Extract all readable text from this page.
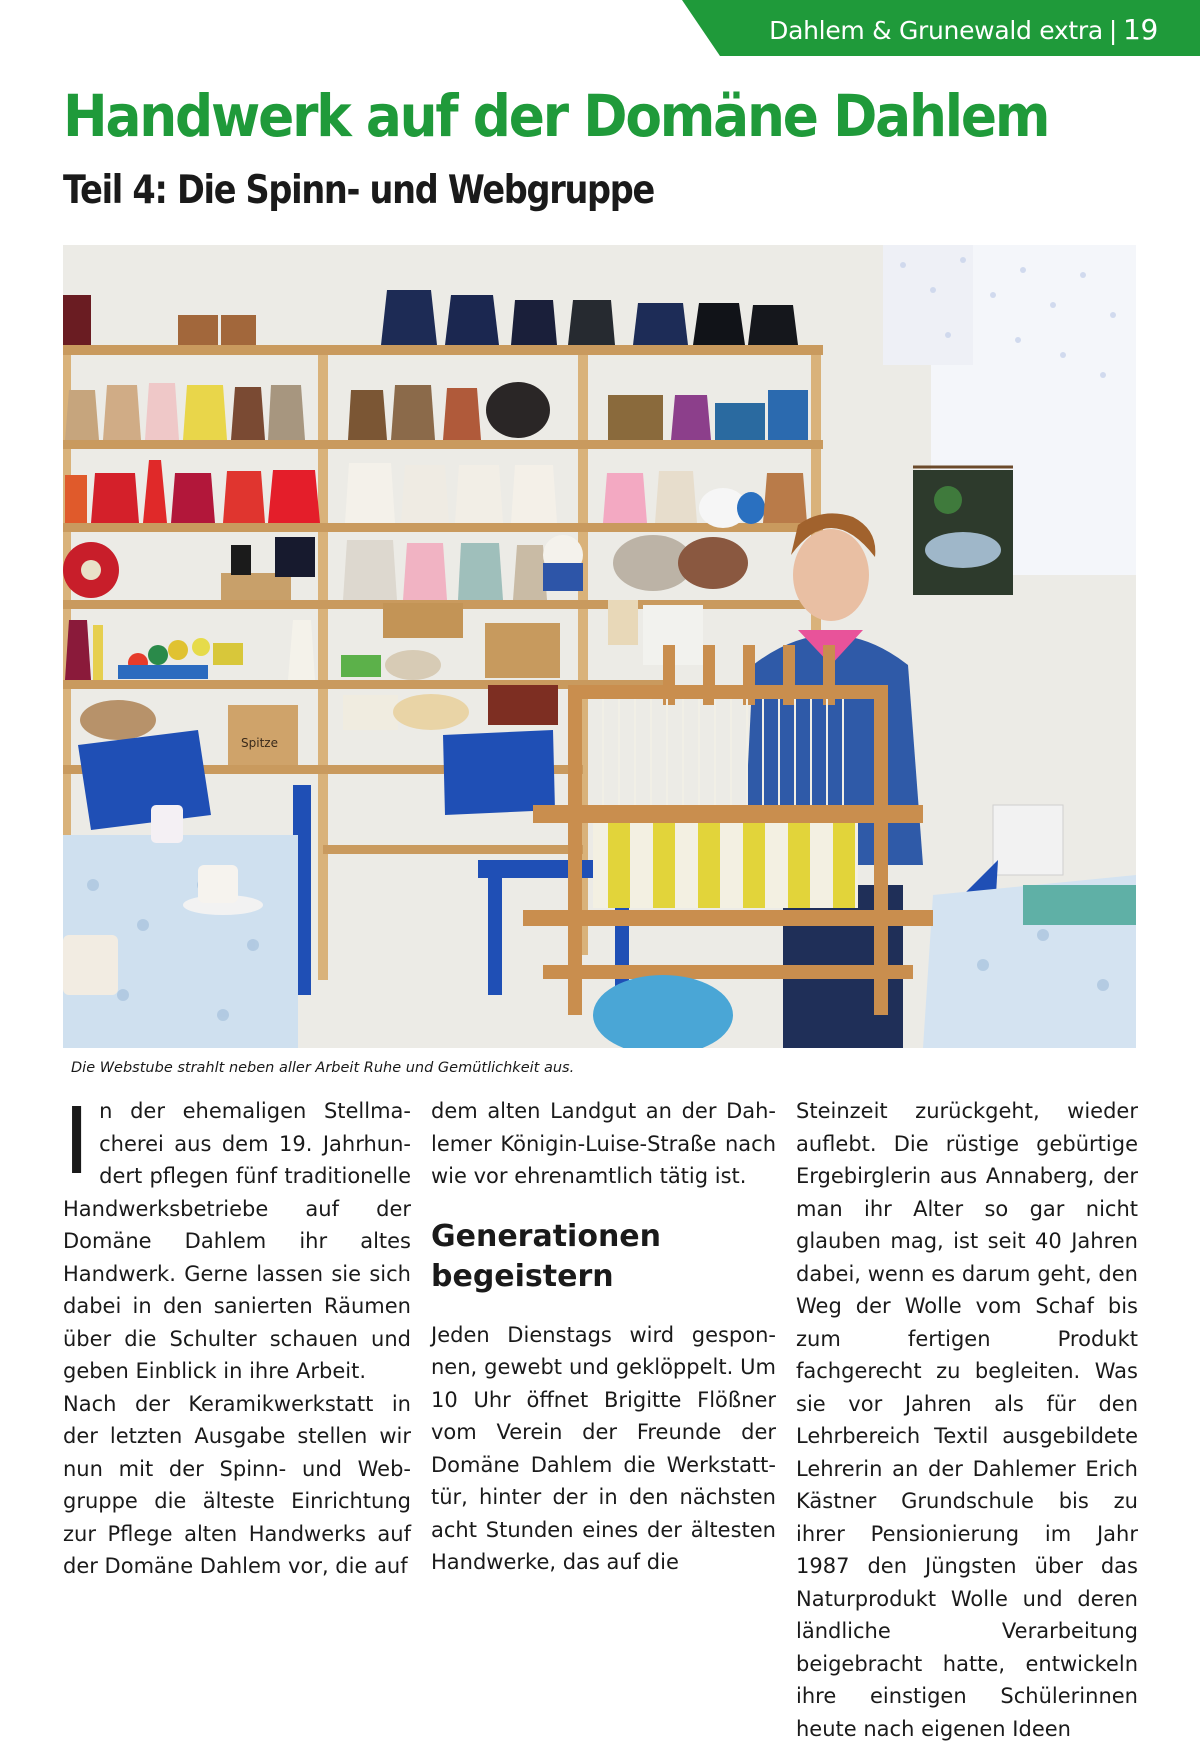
Dahlem & Grunewald extra | 19
Handwerk auf der Domäne Dahlem
Teil 4: Die Spinn- und Webgruppe
Spitze

Die Webstube strahlt neben aller Arbeit Ruhe und Gemütlichkeit aus.

In der ehemaligen Stellmacherei aus dem 19. Jahrhundert pflegen fünf traditionelle Handwerksbetriebe auf der Domäne Dahlem ihr altes Handwerk. Gerne lassen sie sich dabei in den sanierten Räumen über die Schulter schauen und geben Einblick in ihre Arbeit.

Nach der Keramikwerkstatt in der letzten Ausgabe stellen wir nun mit der Spinn- und Webgruppe die älteste Einrichtung zur Pflege alten Handwerks auf der Domäne Dahlem vor, die auf

dem alten Landgut an der Dahlemer Königin-Luise-Straße nach wie vor ehrenamtlich tätig ist.

Generationen begeistern

Jeden Dienstags wird gesponnen, gewebt und geklöppelt. Um 10 Uhr öffnet Brigitte Flößner vom Verein der Freunde der Domäne Dahlem die Werkstatttür, hinter der in den nächsten acht Stunden eines der ältesten Handwerke, das auf die

Steinzeit zurückgeht, wieder auflebt. Die rüstige gebürtige Ergebirglerin aus Annaberg, der man ihr Alter so gar nicht glauben mag, ist seit 40 Jahren dabei, wenn es darum geht, den Weg der Wolle vom Schaf bis zum fertigen Produkt fachgerecht zu begleiten. Was sie vor Jahren als für den Lehrbereich Textil ausgebildete Lehrerin an der Dahlemer Erich Kästner Grundschule bis zu ihrer Pensionierung im Jahr 1987 den Jüngsten über das Naturprodukt Wolle und deren ländliche Verarbeitung beigebracht hatte, entwickeln ihre einstigen Schülerinnen heute nach eigenen Ideen
